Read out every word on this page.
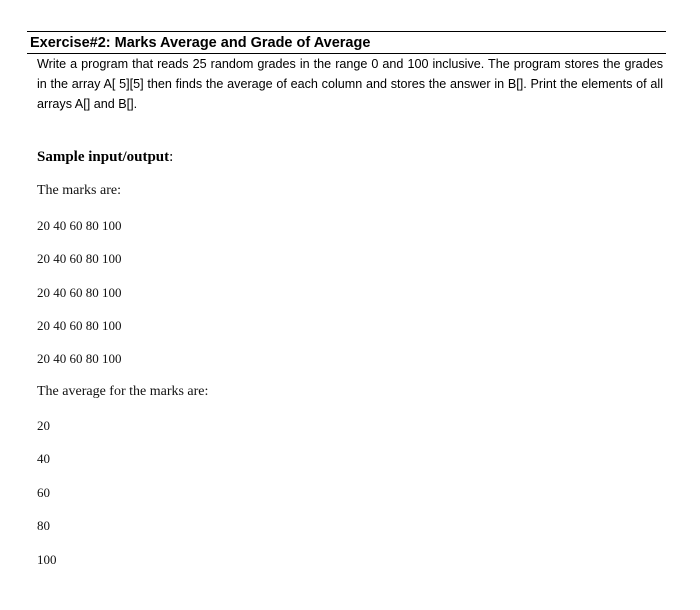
Exercise#2: Marks Average and Grade of Average
Write a program that reads 25 random grades in the range 0 and 100 inclusive. The program stores the grades in the array A[ 5][5] then finds the average of each column and stores the answer in B[]. Print the elements of all arrays A[] and B[].
Sample input/output:
The marks are:
20 40 60 80 100
20 40 60 80 100
20 40 60 80 100
20 40 60 80 100
20 40 60 80 100
The average for the marks are:
20
40
60
80
100
